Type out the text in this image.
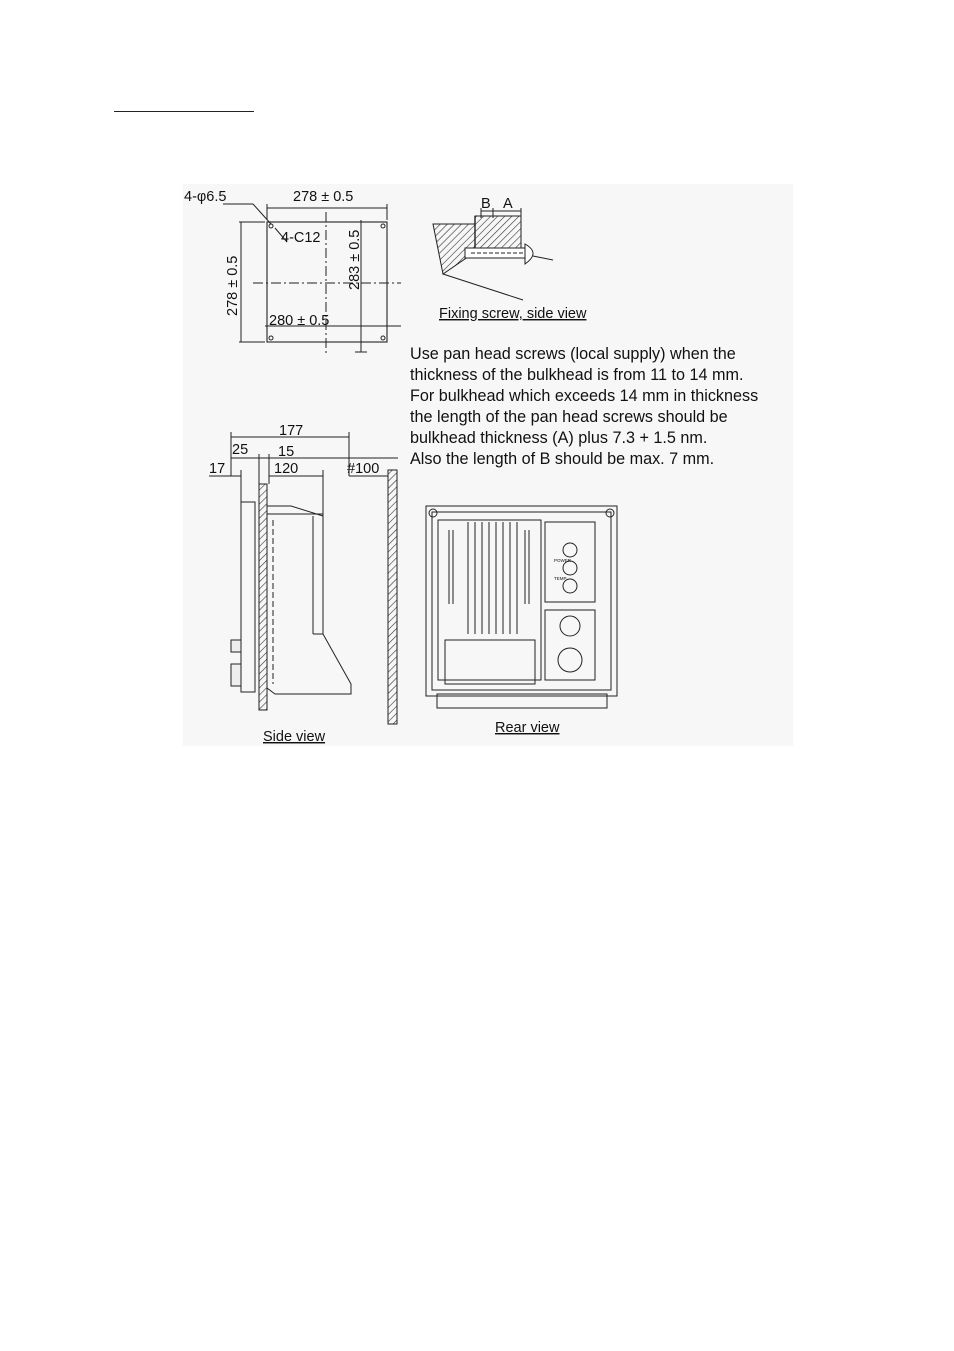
4-φ6.5	278 ± 0.5
4-C12
278 ± 0.5	283 ± 0.5
280 ± 0.5
B A
Fixing screw, side view
177
25 15
17	120	#100
Side view
POWER
TEMP
Rear view
Use pan head screws (local supply) when the
thickness of the bulkhead is from 11 to 14 mm.
For bulkhead which exceeds 14 mm in thickness
the length of the pan head screws should be
bulkhead thickness (A) plus 7.3 + 1.5 nm.
Also the length of B should be max. 7 mm.
